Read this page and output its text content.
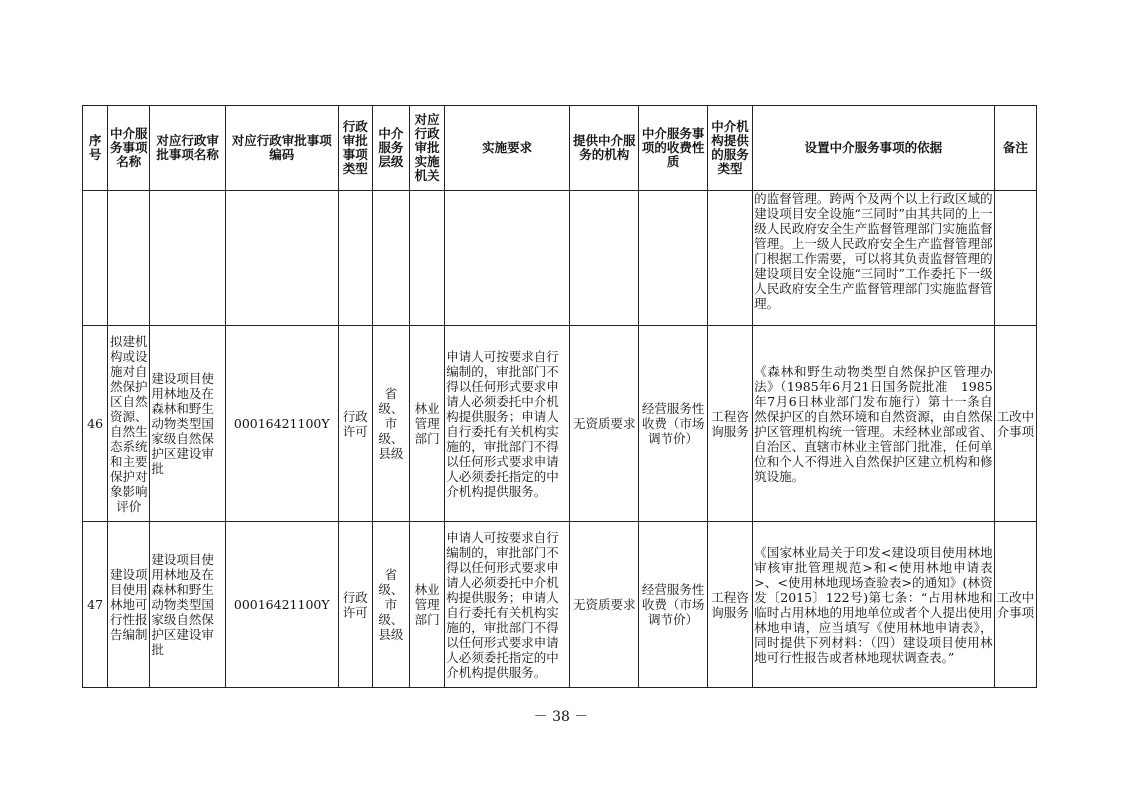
序号	中介服务事项名称	对应行政审批事项名称	对应行政审批事项编码	行政审批事项类型	中介服务层级	对应行政审批实施机关	实施要求	提供中介服务的机构	中介服务事项的收费性质	中介机构提供的服务类型	设置中介服务事项的依据	备注
											的监督管理。跨两个及两个以上行政区域的建设项目安全设施“三同时”由其共同的上一级人民政府安全生产监督管理部门实施监督管理。上一级人民政府安全生产监督管理部门根据工作需要，可以将其负责监督管理的建设项目安全设施“三同时”工作委托下一级人民政府安全生产监督管理部门实施监督管理。	
46	拟建机构或设施对自然保护区自然资源、自然生态系统和主要保护对象影响评价	建设项目使用林地及在森林和野生动物类型国家级自然保护区建设审批	00016421100Y	行政许可	省级、市级、县级	林业管理部门	申请人可按要求自行编制的，审批部门不得以任何形式要求申请人必须委托中介机构提供服务；申请人自行委托有关机构实施的，审批部门不得以任何形式要求申请人必须委托指定的中介机构提供服务。	无资质要求	经营服务性收费（市场调节价）	工程咨询服务	《森林和野生动物类型自然保护区管理办法》（1985年6月21日国务院批准　1985年7月6日林业部门发布施行）第十一条自然保护区的自然环境和自然资源，由自然保护区管理机构统一管理。未经林业部或省、自治区、直辖市林业主管部门批准，任何单位和个人不得进入自然保护区建立机构和修筑设施。	工改中介事项
47	建设项目使用林地可行性报告编制	建设项目使用林地及在森林和野生动物类型国家级自然保护区建设审批	00016421100Y	行政许可	省级、市级、县级	林业管理部门	申请人可按要求自行编制的，审批部门不得以任何形式要求申请人必须委托中介机构提供服务；申请人自行委托有关机构实施的，审批部门不得以任何形式要求申请人必须委托指定的中介机构提供服务。	无资质要求	经营服务性收费（市场调节价）	工程咨询服务	《国家林业局关于印发<建设项目使用林地审核审批管理规范>和<使用林地申请表>、<使用林地现场查验表>的通知》(林资发〔2015〕122号)第七条：“占用林地和临时占用林地的用地单位或者个人提出使用林地申请，应当填写《使用林地申请表》，同时提供下列材料：（四）建设项目使用林地可行性报告或者林地现状调查表。”	工改中介事项
－ 38 －
